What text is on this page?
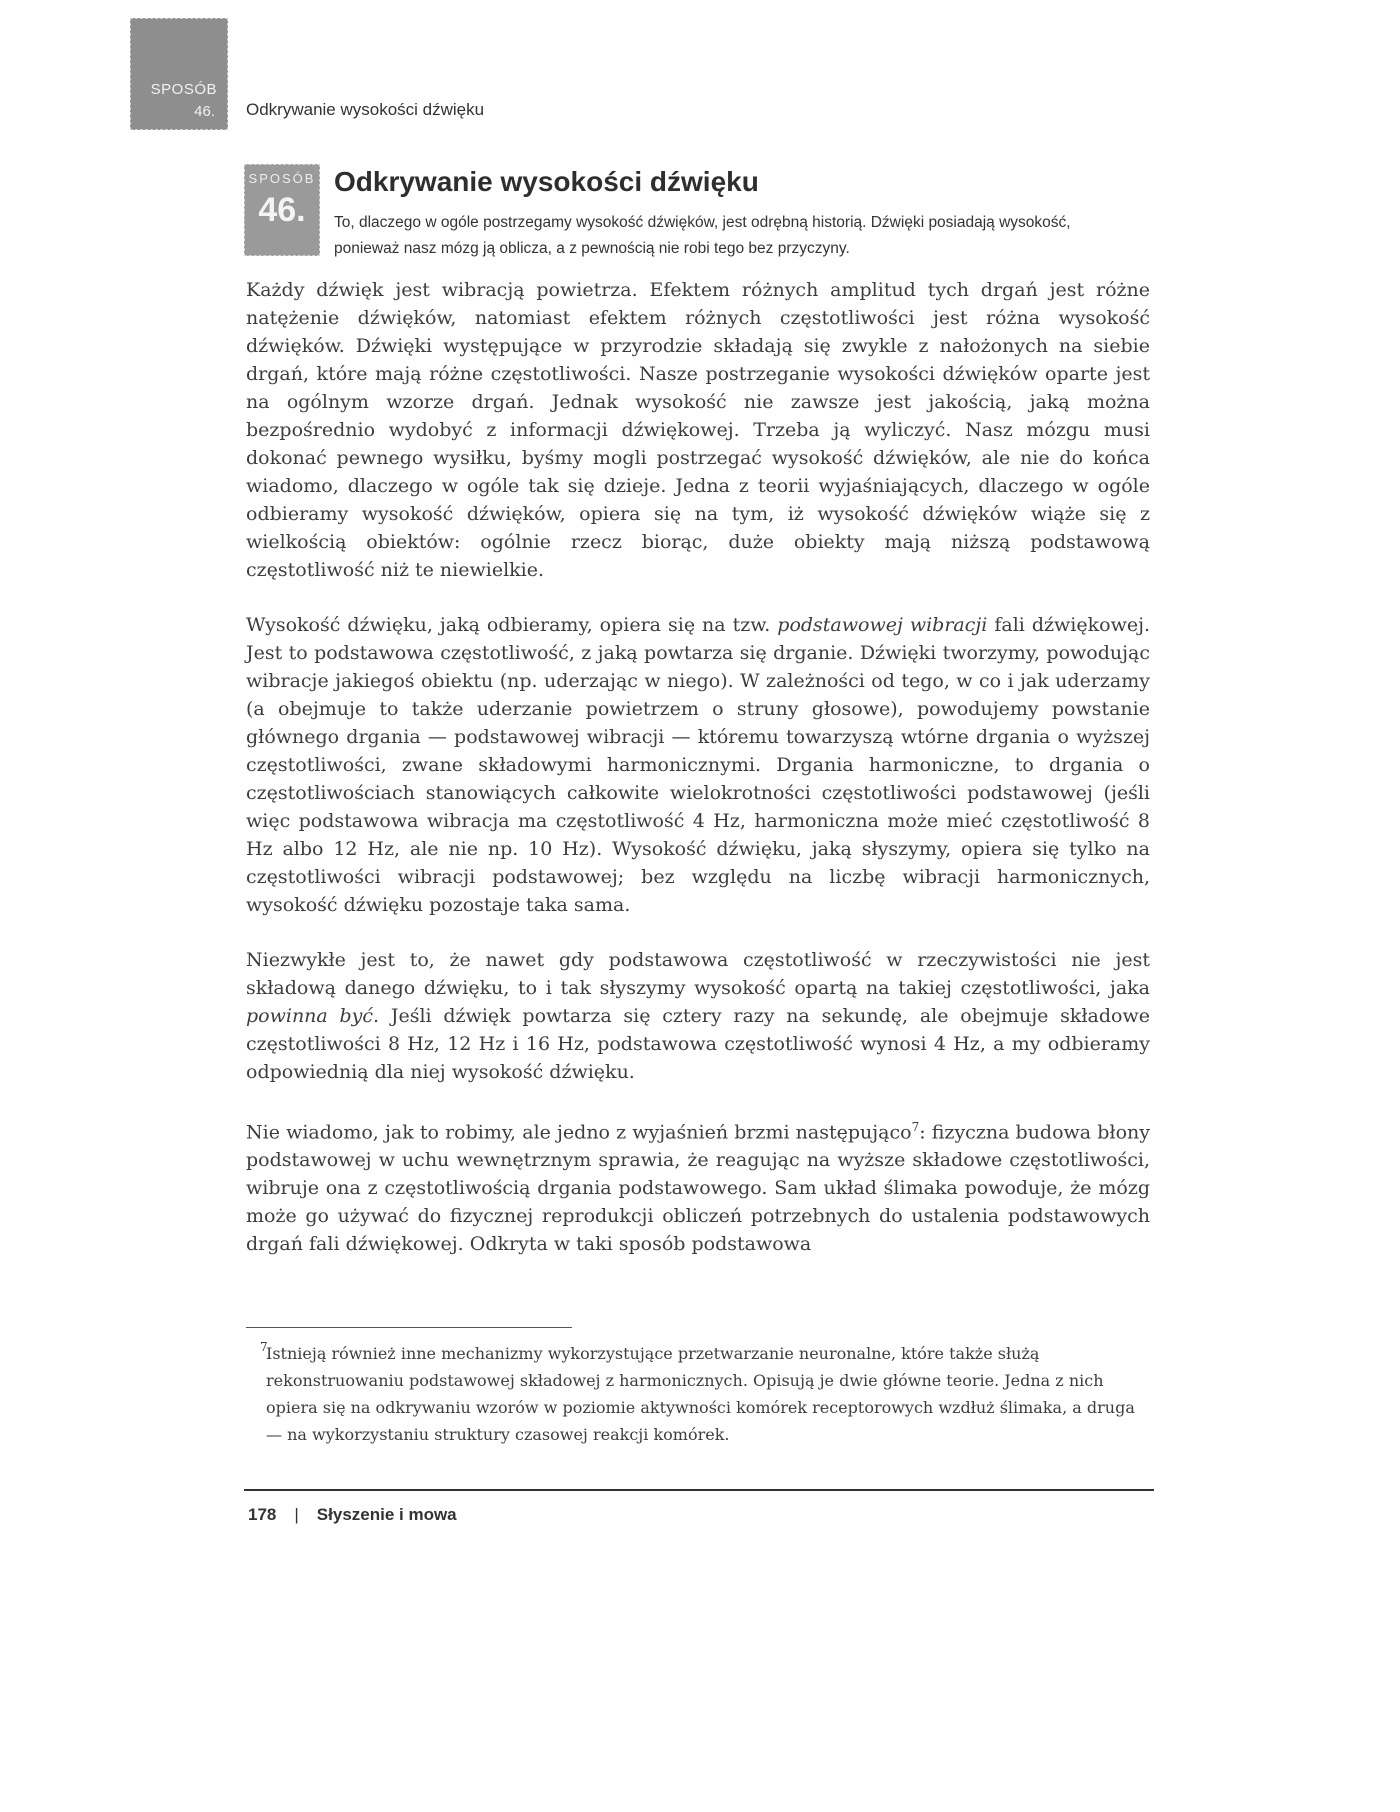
SPOSÓB
46. Odkrywanie wysokości dźwięku
SPOSÓB
46.
Odkrywanie wysokości dźwięku

To, dlaczego w ogóle postrzegamy wysokość dźwięków, jest odrębną historią. Dźwięki posiadają wysokość, ponieważ nasz mózg ją oblicza, a z pewnością nie robi tego bez przyczyny.

Każdy dźwięk jest wibracją powietrza. Efektem różnych amplitud tych drgań jest różne natężenie dźwięków, natomiast efektem różnych częstotliwości jest różna wysokość dźwięków. Dźwięki występujące w przyrodzie składają się zwykle z nałożonych na siebie drgań, które mają różne częstotliwości. Nasze postrzeganie wysokości dźwięków oparte jest na ogólnym wzorze drgań. Jednak wysokość nie zawsze jest jakością, jaką można bezpośrednio wydobyć z informacji dźwiękowej. Trzeba ją wyliczyć. Nasz mózgu musi dokonać pewnego wysiłku, byśmy mogli postrzegać wysokość dźwięków, ale nie do końca wiadomo, dlaczego w ogóle tak się dzieje. Jedna z teorii wyjaśniających, dlaczego w ogóle odbieramy wysokość dźwięków, opiera się na tym, iż wysokość dźwięków wiąże się z wielkością obiektów: ogólnie rzecz biorąc, duże obiekty mają niższą podstawową częstotliwość niż te niewielkie.

Wysokość dźwięku, jaką odbieramy, opiera się na tzw. podstawowej wibracji fali dźwiękowej. Jest to podstawowa częstotliwość, z jaką powtarza się drganie. Dźwięki tworzymy, powodując wibracje jakiegoś obiektu (np. uderzając w niego). W zależności od tego, w co i jak uderzamy (a obejmuje to także uderzanie powietrzem o struny głosowe), powodujemy powstanie głównego drgania — podstawowej wibracji — któremu towarzyszą wtórne drgania o wyższej częstotliwości, zwane składowymi harmonicznymi. Drgania harmoniczne, to drgania o częstotliwościach stanowiących całkowite wielokrotności częstotliwości podstawowej (jeśli więc podstawowa wibracja ma częstotliwość 4 Hz, harmoniczna może mieć częstotliwość 8 Hz albo 12 Hz, ale nie np. 10 Hz). Wysokość dźwięku, jaką słyszymy, opiera się tylko na częstotliwości wibracji podstawowej; bez względu na liczbę wibracji harmonicznych, wysokość dźwięku pozostaje taka sama.

Niezwykłe jest to, że nawet gdy podstawowa częstotliwość w rzeczywistości nie jest składową danego dźwięku, to i tak słyszymy wysokość opartą na takiej częstotliwości, jaka powinna być. Jeśli dźwięk powtarza się cztery razy na sekundę, ale obejmuje składowe częstotliwości 8 Hz, 12 Hz i 16 Hz, podstawowa częstotliwość wynosi 4 Hz, a my odbieramy odpowiednią dla niej wysokość dźwięku.

Nie wiadomo, jak to robimy, ale jedno z wyjaśnień brzmi następująco$^7$: fizyczna budowa błony podstawowej w uchu wewnętrznym sprawia, że reagując na wyższe składowe częstotliwości, wibruje ona z częstotliwością drgania podstawowego. Sam układ ślimaka powoduje, że mózg może go używać do fizycznej reprodukcji obliczeń potrzebnych do ustalenia podstawowych drgań fali dźwiękowej. Odkryta w taki sposób podstawowa

7
Istnieją również inne mechanizmy wykorzystujące przetwarzanie neuronalne, które także służą rekonstruowaniu podstawowej składowej z harmonicznych. Opisują je dwie główne teorie. Jedna z nich opiera się na odkrywaniu wzorów w poziomie aktywności komórek receptorowych wzdłuż ślimaka, a druga — na wykorzystaniu struktury czasowej reakcji komórek.
178 | Słyszenie i mowa
